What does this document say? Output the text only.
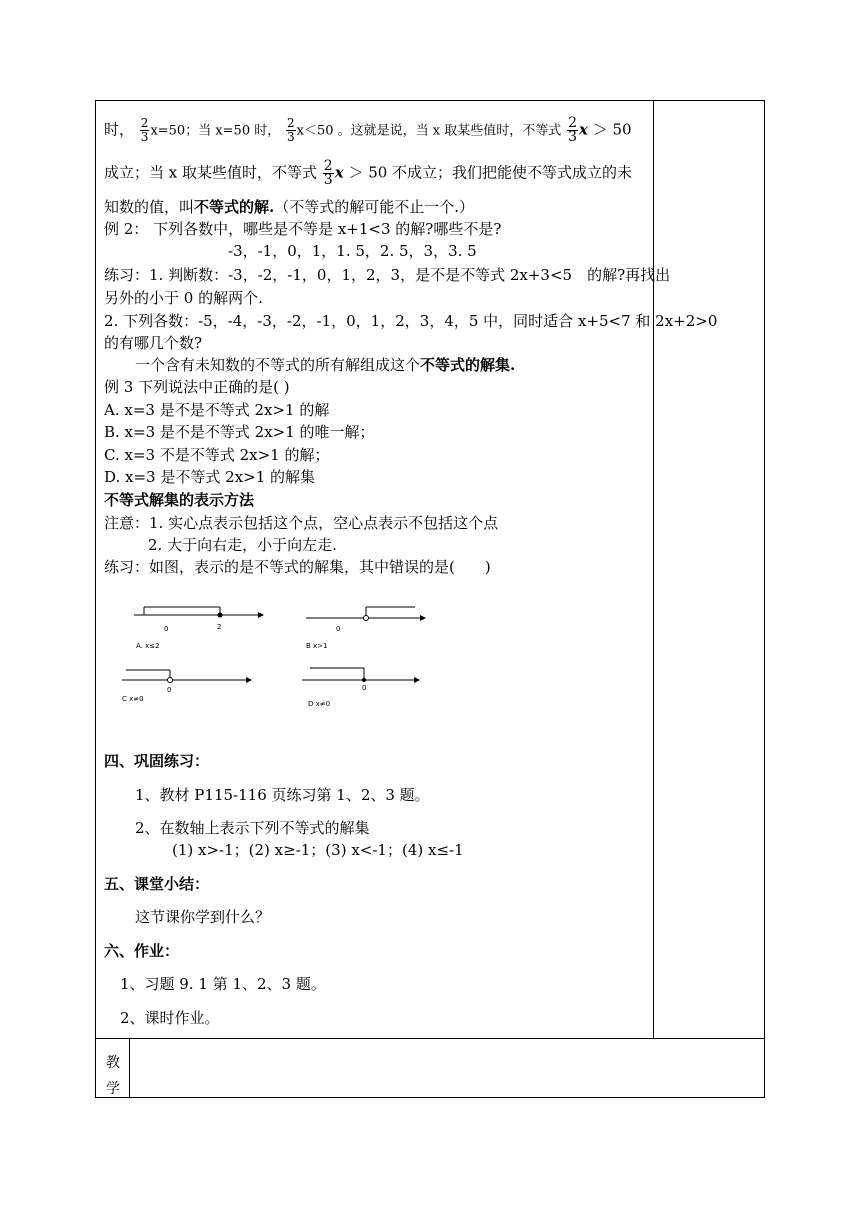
时， $\frac{2}{3} x=50$；当 x=50 时， $\frac{2}{3} x<50$ 。这就是说，当 x 取某些值时，不等式 $\frac{2}{3}$ x ＞ 50
成立；当 x 取某些值时，不等式 $\frac{2}{3}$ x ＞ 50 不成立；我们把能使不等式成立的未
知数的值，叫不等式的解.（不等式的解可能不止一个.）
例 2： 下列各数中，哪些是不等是 x+1<3 的解?哪些不是?
-3，-1，0，1，1. 5，2. 5，3，3. 5
练习：1. 判断数：-3，-2，-1，0，1，2，3，是不是不等式 2x+3<5　的解?再找出
另外的小于 0 的解两个.
2. 下列各数：-5，-4，-3，-2，-1，0，1，2，3，4，5 中，同时适合 x+5<7 和 2x+2>0
的有哪几个数?
一个含有未知数的不等式的所有解组成这个不等式的解集.
例 3 下列说法中正确的是( )
A. x=3 是不是不等式 2x>1 的解
B. x=3 是不是不等式 2x>1 的唯一解；
C. x=3 不是不等式 2x>1 的解；
D. x=3 是不等式 2x>1 的解集
不等式解集的表示方法
注意：1. 实心点表示包括这个点，空心点表示不包括这个点
2. 大于向右走，小于向左走.
练习：如图，表示的是不等式的解集，其中错误的是(　　)
0	2
A. x≤2
0
B x>1
0
C x≠0
0
D x≠0
四、巩固练习：
1、教材 P115-116 页练习第 1、2、3 题。
2、在数轴上表示下列不等式的解集
(1) x>-1；(2) x≥-1；(3) x<-1；(4) x≤-1
五、课堂小结：
这节课你学到什么？
六、作业：
1、习题 9. 1 第 1、2、3 题。
2、课时作业。
教
学
